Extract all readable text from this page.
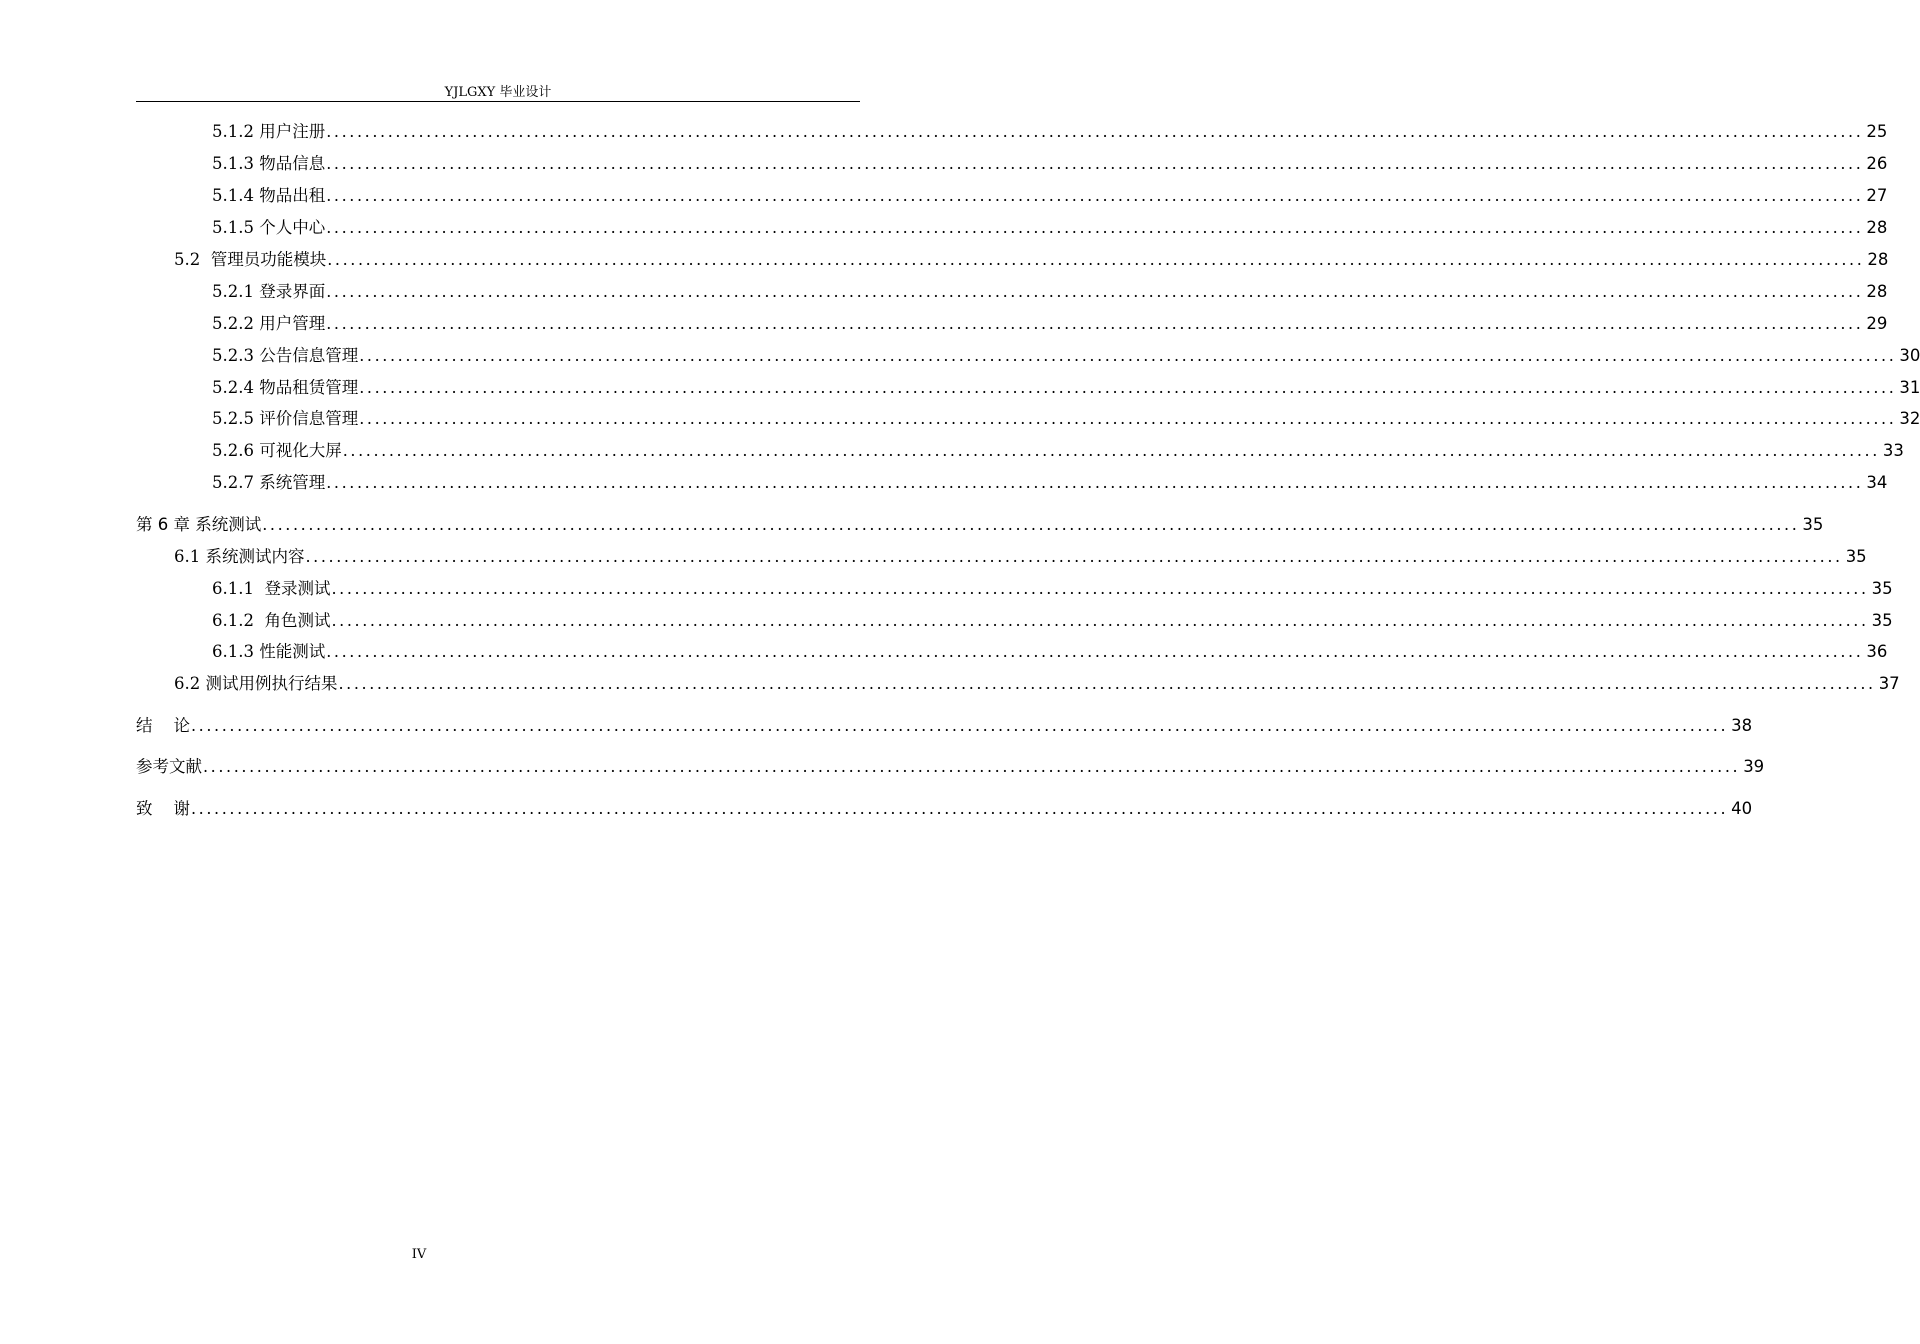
YJLGXY 毕业设计
5.1.2 用户注册 ........................................................................................................................................................................................................ 25
5.1.3 物品信息 ........................................................................................................................................................................................................ 26
5.1.4 物品出租 ........................................................................................................................................................................................................ 27
5.1.5 个人中心 ........................................................................................................................................................................................................ 28
5.2  管理员功能模块 ........................................................................................................................................................................................................ 28
5.2.1 登录界面 ........................................................................................................................................................................................................ 28
5.2.2 用户管理 ........................................................................................................................................................................................................ 29
5.2.3 公告信息管理 ........................................................................................................................................................................................................ 30
5.2.4 物品租赁管理 ........................................................................................................................................................................................................ 31
5.2.5 评价信息管理 ........................................................................................................................................................................................................ 32
5.2.6 可视化大屏 ........................................................................................................................................................................................................ 33
5.2.7 系统管理 ........................................................................................................................................................................................................ 34
第 6 章 系统测试 ........................................................................................................................................................................................................ 35
6.1 系统测试内容 ........................................................................................................................................................................................................ 35
6.1.1  登录测试 ........................................................................................................................................................................................................ 35
6.1.2  角色测试 ........................................................................................................................................................................................................ 35
6.1.3 性能测试 ........................................................................................................................................................................................................ 36
6.2 测试用例执行结果 ........................................................................................................................................................................................................ 37
结    论 ........................................................................................................................................................................................................ 38
参考文献 ........................................................................................................................................................................................................ 39
致    谢 ........................................................................................................................................................................................................ 40
IV
